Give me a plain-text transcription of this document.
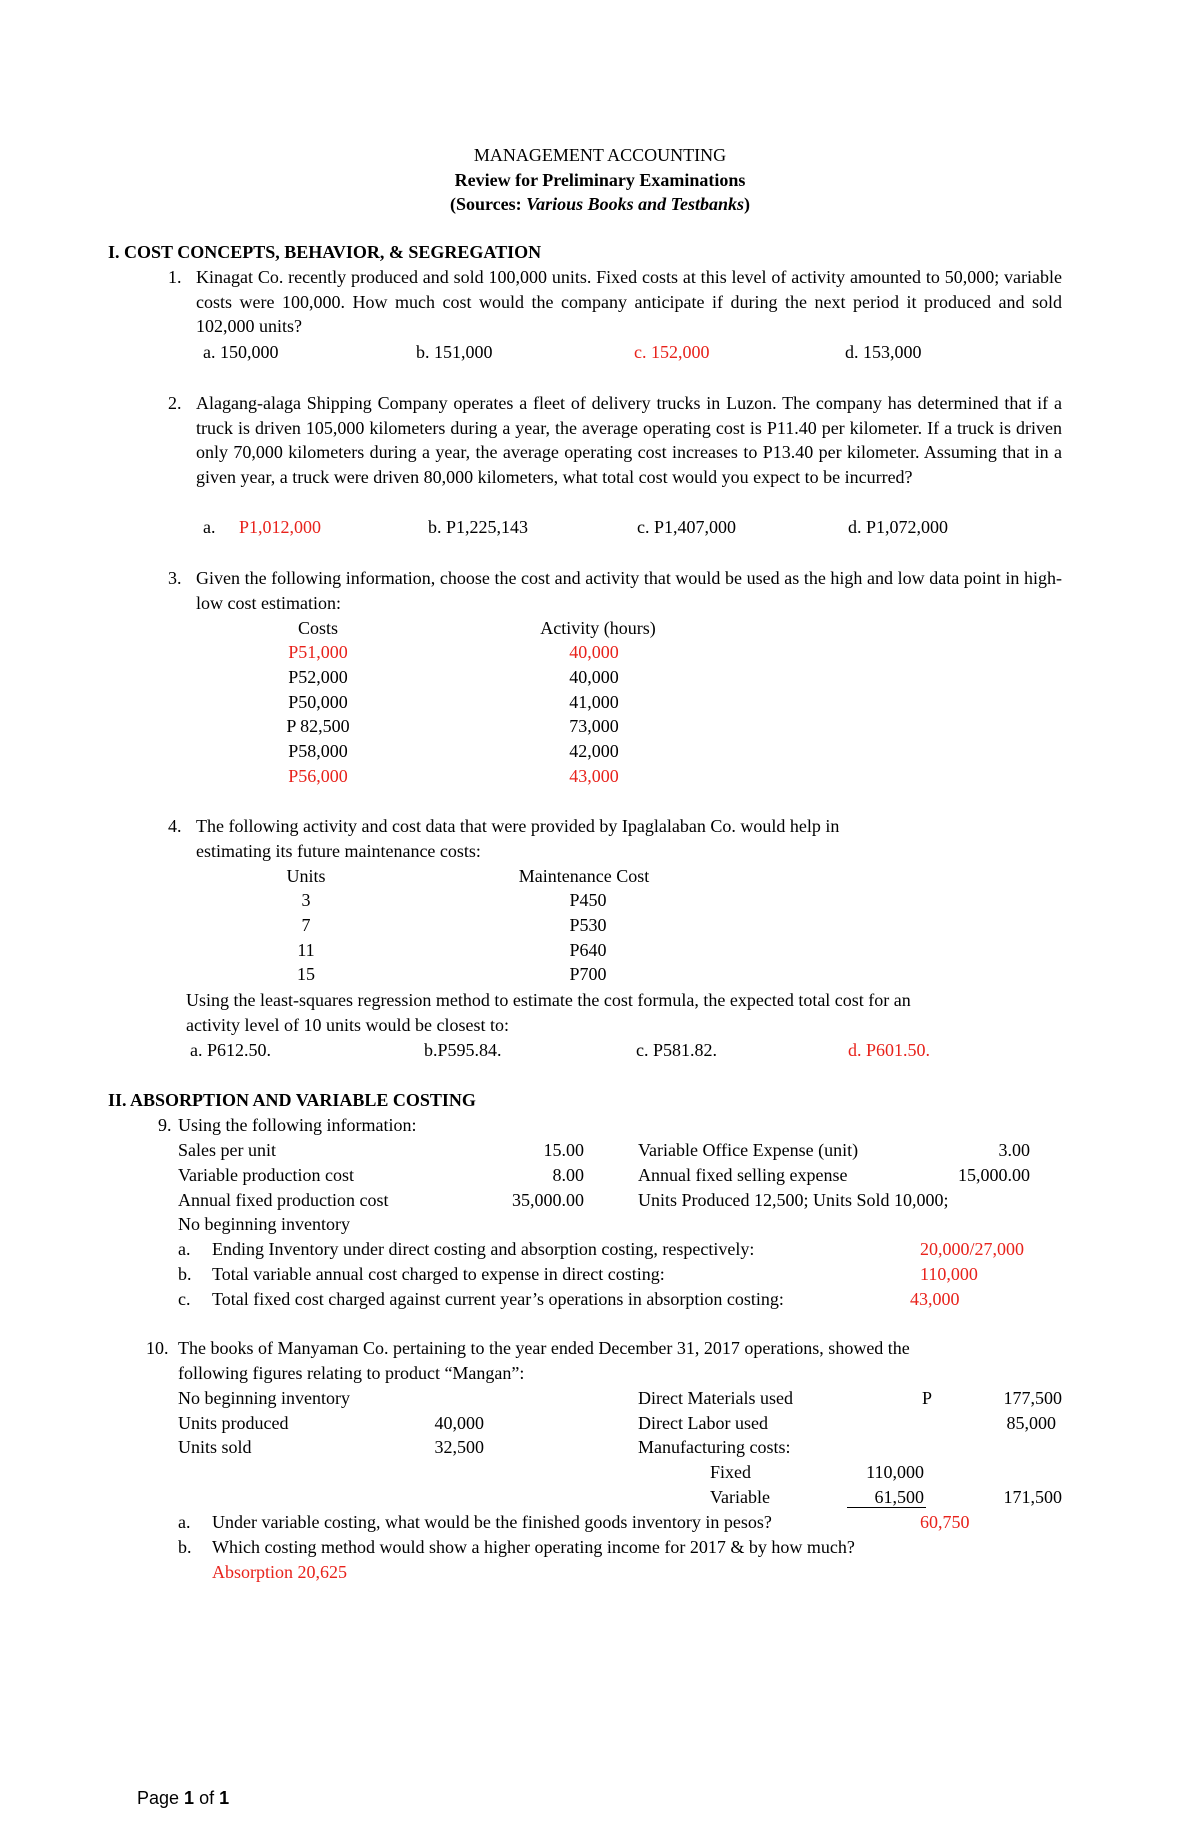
MANAGEMENT ACCOUNTING
Review for Preliminary Examinations
(Sources: Various Books and Testbanks)
I. COST CONCEPTS, BEHAVIOR, & SEGREGATION
1. Kinagat Co. recently produced and sold 100,000 units. Fixed costs at this level of activity amounted to 50,000; variable costs were 100,000. How much cost would the company anticipate if during the next period it produced and sold 102,000 units?
a. 150,000	b. 151,000	c. 152,000	d. 153,000
2. Alagang-alaga Shipping Company operates a fleet of delivery trucks in Luzon. The company has determined that if a truck is driven 105,000 kilometers during a year, the average operating cost is P11.40 per kilometer. If a truck is driven only 70,000 kilometers during a year, the average operating cost increases to P13.40 per kilometer. Assuming that in a given year, a truck were driven 80,000 kilometers, what total cost would you expect to be incurred?
a. P1,012,000	b. P1,225,143	c. P1,407,000	d. P1,072,000
3. Given the following information, choose the cost and activity that would be used as the high and low data point in high-low cost estimation:
Costs	Activity (hours)
P51,000	40,000
P52,000	40,000
P50,000	41,000
P 82,500	73,000
P58,000	42,000
P56,000	43,000
4. The following activity and cost data that were provided by Ipaglalaban Co. would help in
estimating its future maintenance costs:
Units	Maintenance Cost
3	P450
7	P530
11	P640
15	P700
Using the least-squares regression method to estimate the cost formula, the expected total cost for an
activity level of 10 units would be closest to:
a. P612.50.	b.P595.84.	c. P581.82.	d. P601.50.
II. ABSORPTION AND VARIABLE COSTING
9. Using the following information:
Sales per unit	15.00
Variable production cost	8.00
Annual fixed production cost	35,000.00
Variable Office Expense (unit)	3.00
Annual fixed selling expense	15,000.00
Units Produced 12,500; Units Sold 10,000;
No beginning inventory
a. Ending Inventory under direct costing and absorption costing, respectively:	20,000/27,000
b. Total variable annual cost charged to expense in direct costing:	110,000
c. Total fixed cost charged against current year’s operations in absorption costing:	43,000
10. The books of Manyaman Co. pertaining to the year ended December 31, 2017 operations, showed the
following figures relating to product “Mangan”:
No beginning inventory
Units produced	40,000
Units sold	32,500
Direct Materials used	P	177,500
Direct Labor used	85,000
Manufacturing costs:
Fixed	110,000
Variable	61,500	171,500
a. Under variable costing, what would be the finished goods inventory in pesos?	60,750
b. Which costing method would show a higher operating income for 2017 & by how much?
Absorption 20,625
Page 1 of 1
